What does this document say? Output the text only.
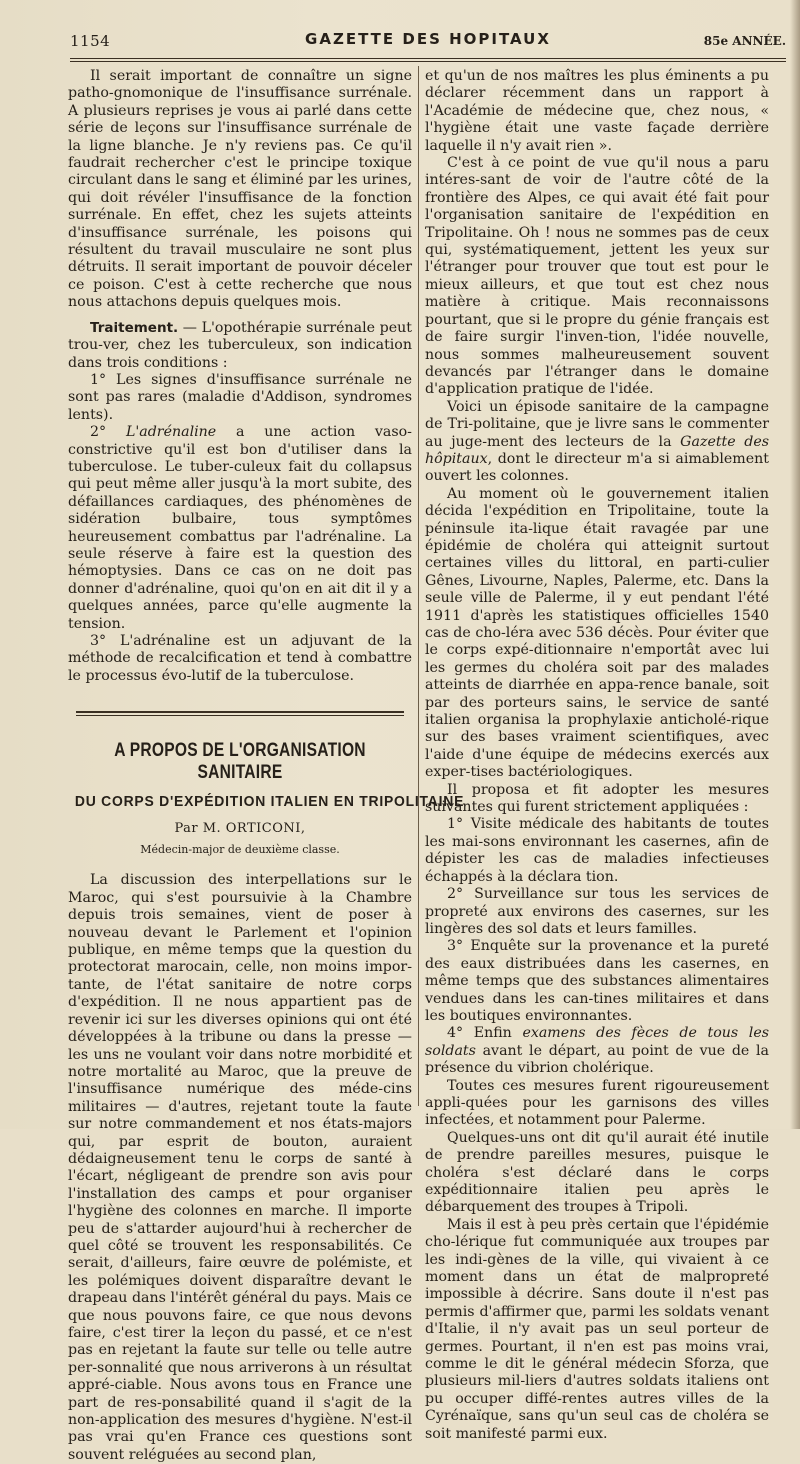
1154	GAZETTE DES HOPITAUX	85e ANNÉE.

Il serait important de connaître un signe patho-gnomonique de l'insuffisance surrénale. A plusieurs reprises je vous ai parlé dans cette série de leçons sur l'insuffisance surrénale de la ligne blanche. Je n'y reviens pas. Ce qu'il faudrait rechercher c'est le principe toxique circulant dans le sang et éliminé par les urines, qui doit révéler l'insuffisance de la fonction surrénale. En effet, chez les sujets atteints d'insuffisance surrénale, les poisons qui résultent du travail musculaire ne sont plus détruits. Il serait important de pouvoir déceler ce poison. C'est à cette recherche que nous nous attachons depuis quelques mois.

Traitement. — L'opothérapie surrénale peut trou-ver, chez les tuberculeux, son indication dans trois conditions :

1° Les signes d'insuffisance surrénale ne sont pas rares (maladie d'Addison, syndromes lents).

2° L'adrénaline a une action vaso-constrictive qu'il est bon d'utiliser dans la tuberculose. Le tuber-culeux fait du collapsus qui peut même aller jusqu'à la mort subite, des défaillances cardiaques, des phénomènes de sidération bulbaire, tous symptômes heureusement combattus par l'adrénaline. La seule réserve à faire est la question des hémoptysies. Dans ce cas on ne doit pas donner d'adrénaline, quoi qu'on en ait dit il y a quelques années, parce qu'elle augmente la tension.

3° L'adrénaline est un adjuvant de la méthode de recalcification et tend à combattre le processus évo-lutif de la tuberculose.

A PROPOS DE L'ORGANISATION SANITAIRE
DU CORPS D'EXPÉDITION ITALIEN EN TRIPOLITAINE
Par M. ORTICONI,
Médecin-major de deuxième classe.

La discussion des interpellations sur le Maroc, qui s'est poursuivie à la Chambre depuis trois semaines, vient de poser à nouveau devant le Parlement et l'opinion publique, en même temps que la question du protectorat marocain, celle, non moins impor-tante, de l'état sanitaire de notre corps d'expédition. Il ne nous appartient pas de revenir ici sur les diverses opinions qui ont été développées à la tribune ou dans la presse — les uns ne voulant voir dans notre morbidité et notre mortalité au Maroc, que la preuve de l'insuffisance numérique des méde-cins militaires — d'autres, rejetant toute la faute sur notre commandement et nos états-majors qui, par esprit de bouton, auraient dédaigneusement tenu le corps de santé à l'écart, négligeant de prendre son avis pour l'installation des camps et pour organiser l'hygiène des colonnes en marche. Il importe peu de s'attarder aujourd'hui à rechercher de quel côté se trouvent les responsabilités. Ce serait, d'ailleurs, faire œuvre de polémiste, et les polémiques doivent disparaître devant le drapeau dans l'intérêt général du pays. Mais ce que nous pouvons faire, ce que nous devons faire, c'est tirer la leçon du passé, et ce n'est pas en rejetant la faute sur telle ou telle autre per-sonnalité que nous arriverons à un résultat appré-ciable. Nous avons tous en France une part de res-ponsabilité quand il s'agit de la non-application des mesures d'hygiène. N'est-il pas vrai qu'en France ces questions sont souvent reléguées au second plan,

et qu'un de nos maîtres les plus éminents a pu déclarer récemment dans un rapport à l'Académie de médecine que, chez nous, « l'hygiène était une vaste façade derrière laquelle il n'y avait rien ».

C'est à ce point de vue qu'il nous a paru intéres-sant de voir de l'autre côté de la frontière des Alpes, ce qui avait été fait pour l'organisation sanitaire de l'expédition en Tripolitaine. Oh ! nous ne sommes pas de ceux qui, systématiquement, jettent les yeux sur l'étranger pour trouver que tout est pour le mieux ailleurs, et que tout est chez nous matière à critique. Mais reconnaissons pourtant, que si le propre du génie français est de faire surgir l'inven-tion, l'idée nouvelle, nous sommes malheureusement souvent devancés par l'étranger dans le domaine d'application pratique de l'idée.

Voici un épisode sanitaire de la campagne de Tri-politaine, que je livre sans le commenter au juge-ment des lecteurs de la Gazette des hôpitaux, dont le directeur m'a si aimablement ouvert les colonnes.

Au moment où le gouvernement italien décida l'expédition en Tripolitaine, toute la péninsule ita-lique était ravagée par une épidémie de choléra qui atteignit surtout certaines villes du littoral, en parti-culier Gênes, Livourne, Naples, Palerme, etc. Dans la seule ville de Palerme, il y eut pendant l'été 1911 d'après les statistiques officielles 1540 cas de cho-léra avec 536 décès. Pour éviter que le corps expé-ditionnaire n'emportât avec lui les germes du choléra soit par des malades atteints de diarrhée en appa-rence banale, soit par des porteurs sains, le service de santé italien organisa la prophylaxie anticholé-rique sur des bases vraiment scientifiques, avec l'aide d'une équipe de médecins exercés aux exper-tises bactériologiques.

Il proposa et fit adopter les mesures suivantes qui furent strictement appliquées :

1° Visite médicale des habitants de toutes les mai-sons environnant les casernes, afin de dépister les cas de maladies infectieuses échappés à la déclara tion.

2° Surveillance sur tous les services de propreté aux environs des casernes, sur les lingères des sol dats et leurs familles.

3° Enquête sur la provenance et la pureté des eaux distribuées dans les casernes, en même temps que des substances alimentaires vendues dans les can-tines militaires et dans les boutiques environnantes.

4° Enfin examens des fèces de tous les soldats avant le départ, au point de vue de la présence du vibrion cholérique.

Toutes ces mesures furent rigoureusement appli-quées pour les garnisons des villes infectées, et notamment pour Palerme.

Quelques-uns ont dit qu'il aurait été inutile de prendre pareilles mesures, puisque le choléra s'est déclaré dans le corps expéditionnaire italien peu après le débarquement des troupes à Tripoli.

Mais il est à peu près certain que l'épidémie cho-lérique fut communiquée aux troupes par les indi-gènes de la ville, qui vivaient à ce moment dans un état de malpropreté impossible à décrire. Sans doute il n'est pas permis d'affirmer que, parmi les soldats venant d'Italie, il n'y avait pas un seul porteur de germes. Pourtant, il n'en est pas moins vrai, comme le dit le général médecin Sforza, que plusieurs mil-liers d'autres soldats italiens ont pu occuper diffé-rentes autres villes de la Cyrénaïque, sans qu'un seul cas de choléra se soit manifesté parmi eux.
